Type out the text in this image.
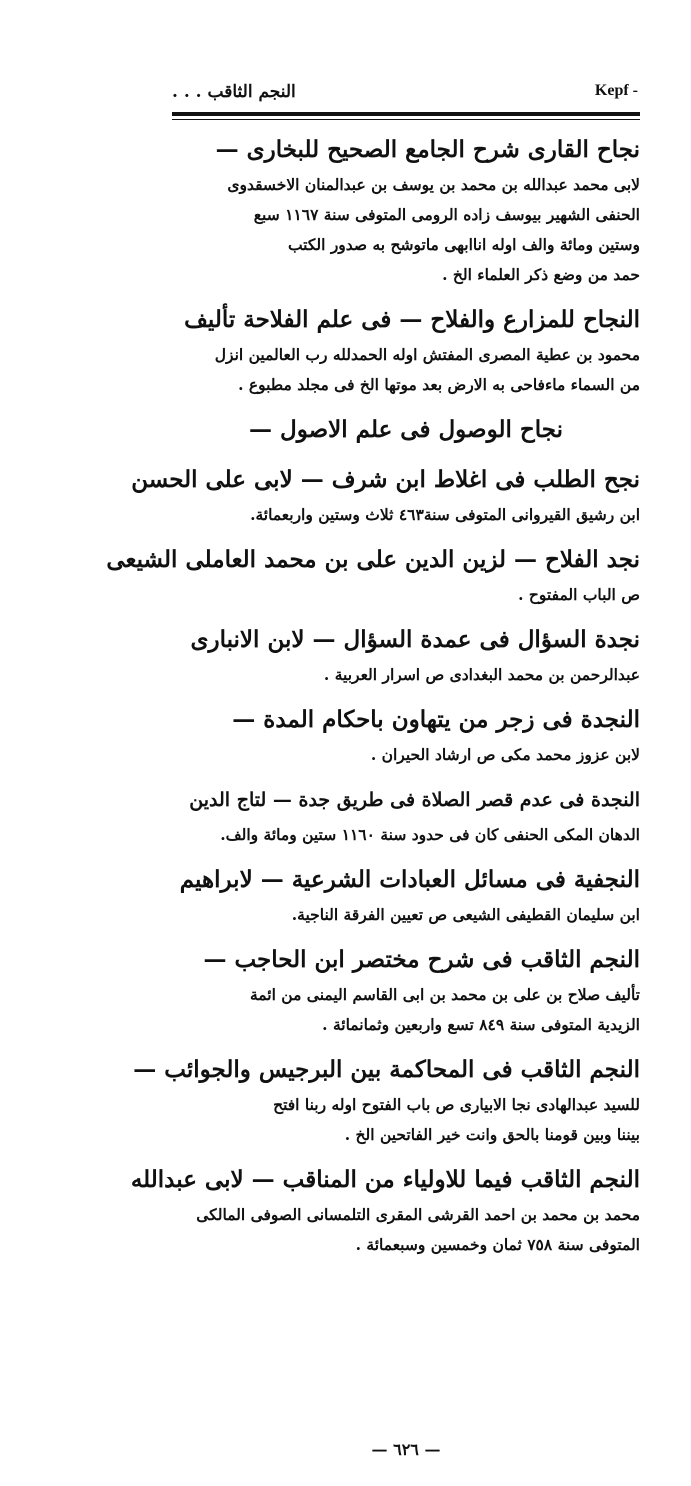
النجم الثاقب . . .	Kepf -
نجاح القارى شرح الجامع الصحيح للبخارى —
لابى محمد عبدالله بن محمد بن يوسف بن عبدالمنان الاخسقدوى
الحنفى الشهير بيوسف زاده الرومى المتوفى سنة ١١٦٧ سبع
وستين ومائة والف اوله اناابهى ماتوشح به صدور الكتب
حمد من وضع ذكر العلماء الخ .
النجاح للمزارع والفلاح — فى علم الفلاحة تأليف
محمود بن عطية المصرى المفتش اوله الحمدلله رب العالمين انزل
من السماء ماءفاحى به الارض بعد موتها الخ فى مجلد مطبوع .
نجاح الوصول فى علم الاصول —
نجح الطلب فى اغلاط ابن شرف — لابى على الحسن
ابن رشيق القيروانى المتوفى سنة٤٦٣ ثلاث وستين واربعمائة.
نجد الفلاح — لزين الدين على بن محمد العاملى الشيعى
ص الباب المفتوح .
نجدة السؤال فى عمدة السؤال — لابن الانبارى
عبدالرحمن بن محمد البغدادى ص اسرار العربية .
النجدة فى زجر من يتهاون باحكام المدة —
لابن عزوز محمد مكى ص ارشاد الحيران .
النجدة فى عدم قصر الصلاة فى طريق جدة — لتاج الدين
الدهان المكى الحنفى كان فى حدود سنة ١١٦٠ ستين ومائة والف.
النجفية فى مسائل العبادات الشرعية — لابراهيم
ابن سليمان القطيفى الشيعى ص تعيين الفرقة الناجية.
النجم الثاقب فى شرح مختصر ابن الحاجب —
تأليف صلاح بن على بن محمد بن ابى القاسم اليمنى من ائمة
الزيدية المتوفى سنة ٨٤٩ تسع واربعين وثمانمائة .
النجم الثاقب فى المحاكمة بين البرجيس والجوائب —
للسيد عبدالهادى نجا الابيارى ص باب الفتوح اوله ربنا افتح
بيننا وبين قومنا بالحق وانت خير الفاتحين الخ .
النجم الثاقب فيما للاولياء من المناقب — لابى عبدالله
محمد بن محمد بن احمد القرشى المقرى التلمسانى الصوفى المالكى
المتوفى سنة ٧٥٨ ثمان وخمسين وسبعمائة .
— ٦٢٦ —
